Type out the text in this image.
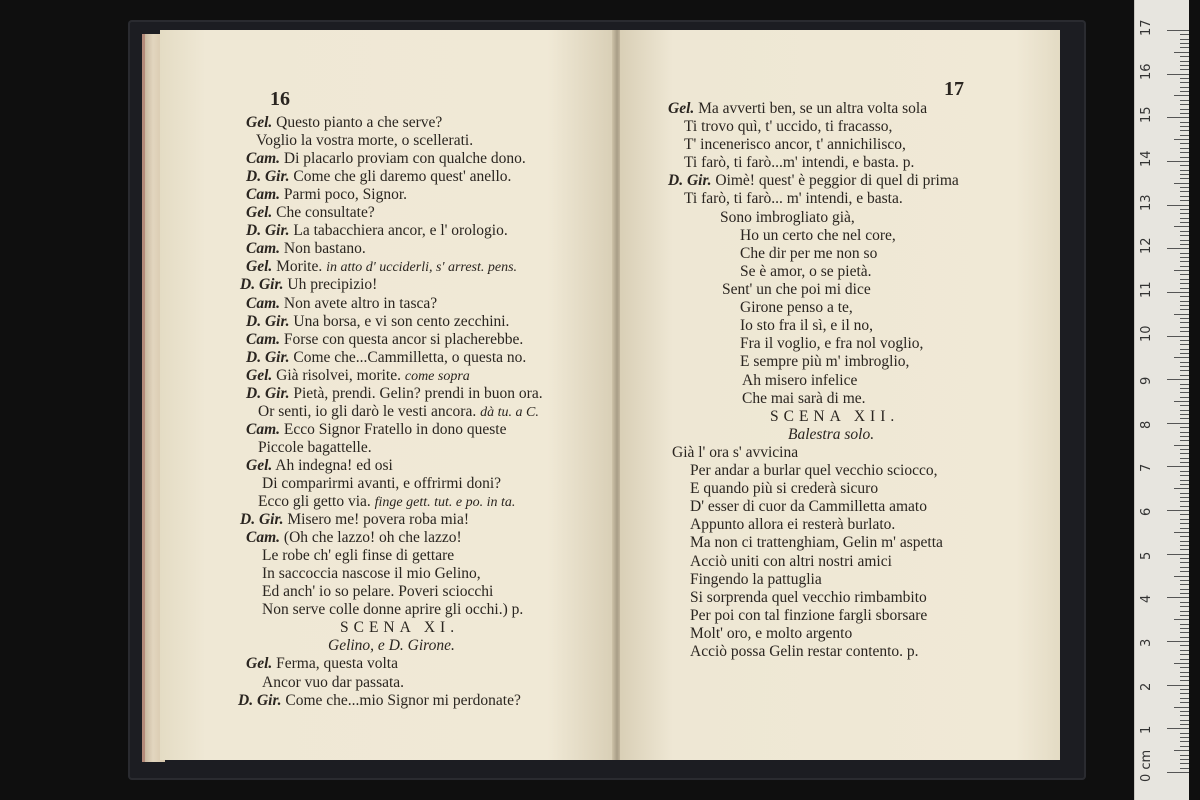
16
Gel. Questo pianto a che serve?
Voglio la vostra morte, o scellerati.
Cam. Di placarlo proviam con qualche dono.
D. Gir. Come che gli daremo quest' anello.
Cam. Parmi poco, Signor.
Gel. Che consultate?
D. Gir. La tabacchiera ancor, e l' orologio.
Cam. Non bastano.
Gel. Morite. in atto d' ucciderli, s' arrest. pens.
D. Gir. Uh precipizio!
Cam. Non avete altro in tasca?
D. Gir. Una borsa, e vi son cento zecchini.
Cam. Forse con questa ancor si placherebbe.
D. Gir. Come che...Cammilletta, o questa no.
Gel. Già risolvei, morite. come sopra
D. Gir. Pietà, prendi. Gelin? prendi in buon ora.
Or senti, io gli darò le vesti ancora. dà tu. a C.
Cam. Ecco Signor Fratello in dono queste
Piccole bagattelle.
Gel. Ah indegna! ed osi
Di comparirmi avanti, e offrirmi doni?
Ecco gli getto via. finge gett. tut. e po. in ta.
D. Gir. Misero me! povera roba mia!
Cam. (Oh che lazzo! oh che lazzo!
Le robe ch' egli finse di gettare
In saccoccia nascose il mio Gelino,
Ed anch' io so pelare. Poveri sciocchi
Non serve colle donne aprire gli occhi.) p.
SCENA XI.
Gelino, e D. Girone.
Gel. Ferma, questa volta
Ancor vuo dar passata.
D. Gir. Come che...mio Signor mi perdonate?
17
Gel. Ma avverti ben, se un altra volta sola
Ti trovo quì, t' uccido, ti fracasso,
T' incenerisco ancor, t' annichilisco,
Ti farò, ti farò...m' intendi, e basta. p.
D. Gir. Oimè! quest' è peggior di quel di prima
Ti farò, ti farò... m' intendi, e basta.
Sono imbrogliato già,
Ho un certo che nel core,
Che dir per me non so
Se è amor, o se pietà.
Sent' un che poi mi dice
Girone penso a te,
Io sto fra il sì, e il no,
Fra il voglio, e fra nol voglio,
E sempre più m' imbroglio,
Ah misero infelice
Che mai sarà di me.
SCENA XII.
Balestra solo.
Già l' ora s' avvicina
Per andar a burlar quel vecchio sciocco,
E quando più si crederà sicuro
D' esser di cuor da Cammilletta amato
Appunto allora ei resterà burlato.
Ma non ci trattenghiam, Gelin m' aspetta
Acciò uniti con altri nostri amici
Fingendo la pattuglia
Si sorprenda quel vecchio rimbambito
Per poi con tal finzione fargli sborsare
Molt' oro, e molto argento
Acciò possa Gelin restar contento. p.
0 cm
1
2
3
4
5
6
7
8
9
10
11
12
13
14
15
16
17
